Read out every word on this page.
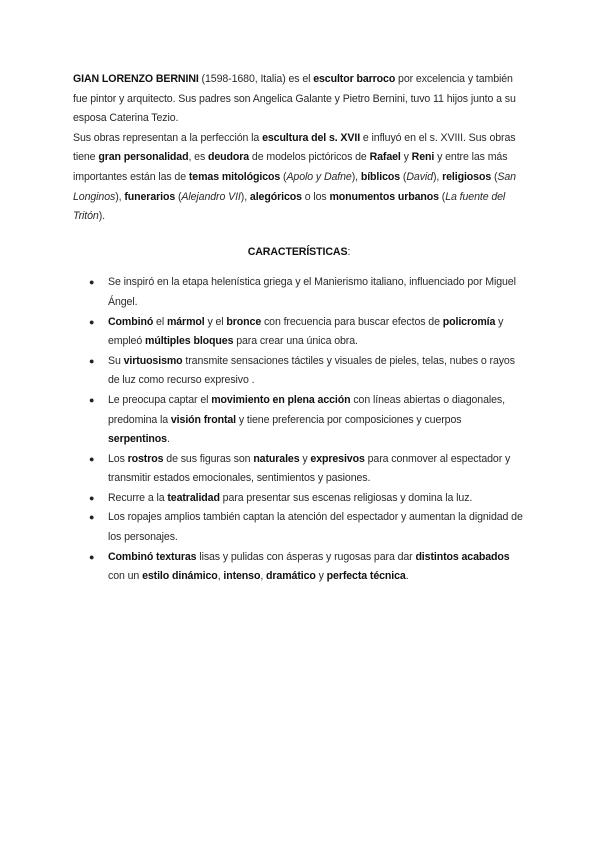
GIAN LORENZO BERNINI (1598-1680, Italia) es el escultor barroco por excelencia y también fue pintor y arquitecto. Sus padres son Angelica Galante y Pietro Bernini, tuvo 11 hijos junto a su esposa Caterina Tezio.

Sus obras representan a la perfección la escultura del s. XVII e influyó en el s. XVIII. Sus obras tiene gran personalidad, es deudora de modelos pictóricos de Rafael y Reni y entre las más importantes están las de temas mitológicos (Apolo y Dafne), bíblicos (David), religiosos (San Longinos), funerarios (Alejandro VII), alegóricos o los monumentos urbanos (La fuente del Tritón).

CARACTERÍSTICAS:

● Se inspiró en la etapa helenística griega y el Manierismo italiano, influenciado por Miguel Ángel.
● Combinó el mármol y el bronce con frecuencia para buscar efectos de policromía y empleó múltiples bloques para crear una única obra.
● Su virtuosismo transmite sensaciones táctiles y visuales de pieles, telas, nubes o rayos de luz como recurso expresivo .
● Le preocupa captar el movimiento en plena acción con líneas abiertas o diagonales, predomina la visión frontal y tiene preferencia por composiciones y cuerpos serpentinos.
● Los rostros de sus figuras son naturales y expresivos para conmover al espectador y transmitir estados emocionales, sentimientos y pasiones.
● Recurre a la teatralidad para presentar sus escenas religiosas y domina la luz.
● Los ropajes amplios también captan la atención del espectador y aumentan la dignidad de los personajes.
● Combinó texturas lisas y pulidas con ásperas y rugosas para dar distintos acabados con un estilo dinámico, intenso, dramático y perfecta técnica.
